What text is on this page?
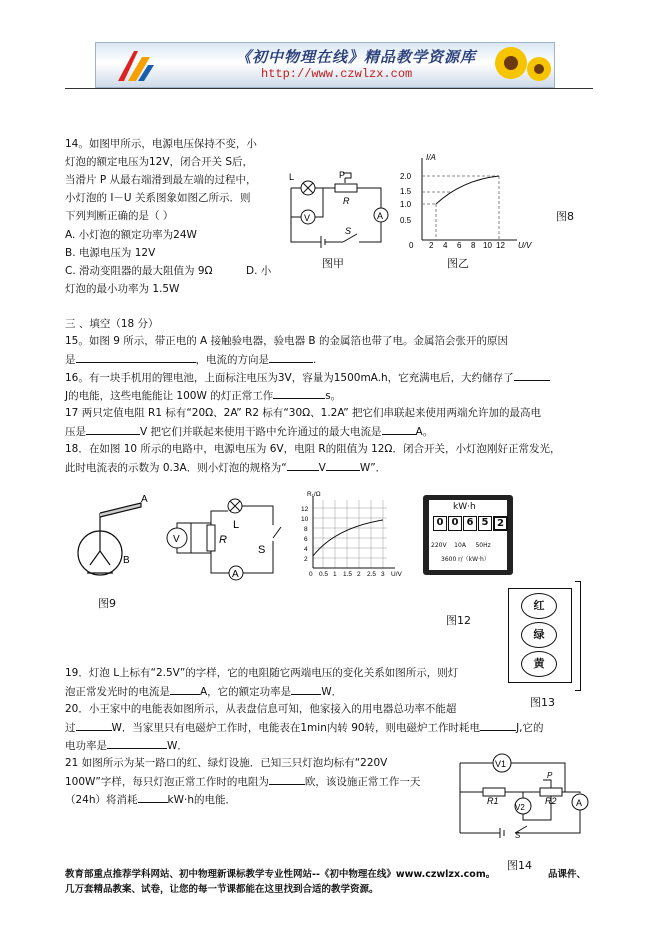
《初中物理在线》精品教学资源库
http://www.czwlzx.com
14。如图甲所示，电源电压保持不变，小
灯泡的额定电压为12V，闭合开关 S后，
当滑片 P 从最右端滑到最左端的过程中，
小灯泡的 I－U 关系图象如图乙所示．则
下列判断正确的是（ ）
A. 小灯泡的额定功率为24W
B. 电源电压为 12V
C. 滑动变阻器的最大阻值为 9Ω	D. 小
灯泡的最小功率为 1.5W
L	P
R
S
V	A
图甲
I/A
U/V
2.0
1.5
1.0
0.5
0 2 4 6 8 10 12
图乙
图8
三 、填空（18 分）
15。如图 9 所示，带正电的 A 接触验电器，验电器 B 的金属箔也带了电。金属箔会张开的原因
是	，电流的方向是	.
16。有一块手机用的锂电池，上面标注电压为3V，容量为1500mA.h，它充满电后，大约储存了
J的电能，这些电能能让 100W 的灯正常工作	s。
17 两只定值电阻 R1 标有“20Ω、2A” R2 标有“30Ω、1.2A” 把它们串联起来使用两端允许加的最高电
压是	V 把它们并联起来使用干路中允许通过的最大电流是	A。
18．在如图 10 所示的电路中，电源电压为 6V，电阻 R的阻值为 12Ω．闭合开关，小灯泡刚好正常发光，
此时电流表的示数为 0.3A．则小灯泡的规格为“	V	W”．
A
B
图9
V
A
L
R
S
R₁/Ω
U/V
12
10
8
6
4
2
0 0.5 1 1.5 2 2.5 3
kW·h
0 0 6 5 2
220V    10A     50Hz
3600 r/（kW·h）
图12
红
绿
黄
图13
19．灯泡 L上标有“2.5V”的字样，它的电阻随它两端电压的变化关系如图所示，则灯
泡正常发光时的电流是	A，它的额定功率是	W．
20．小王家中的电能表如图所示，从表盘信息可知，他家接入的用电器总功率不能超
过	W．当家里只有电磁炉工作时，电能表在1min内转 90转，则电磁炉工作时耗电	J,它的
电功率是	W．
21 如图所示为某一路口的红、绿灯设施．已知三只灯泡均标有“220V
100W”字样，每只灯泡正常工作时的电阻为	欧，该设施正常工作一天
（24h）将消耗	kW·h的电能．
V1
V2
R1	R2
P
S
A
教育部重点推荐学科网站、初中物理新课标教学专业性网站--《初中物理在线》www.czwlzx.com。
图14
品课件、
几万套精品教案、试卷，让您的每一节课都能在这里找到合适的教学资源。
